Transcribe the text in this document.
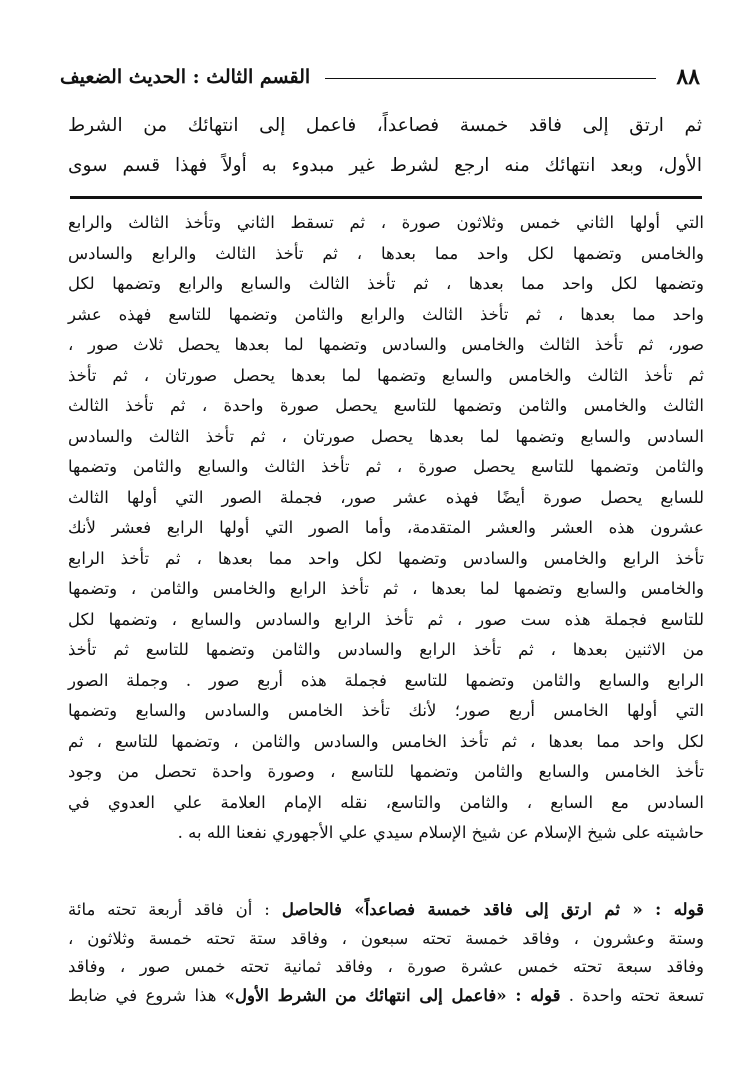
٨٨
القسم الثالث : الحديث الضعيف
ثم ارتق إلى فاقد خمسة فصاعداً، فاعمل إلى انتهائك من الشرط
الأول، وبعد انتهائك منه ارجع لشرط غير مبدوء به أولاً فهذا قسم سوى
التي أولها الثاني خمس وثلاثون صورة ، ثم تسقط الثاني وتأخذ الثالث والرابع
والخامس وتضمها لكل واحد مما بعدها ، ثم تأخذ الثالث والرابع والسادس
وتضمها لكل واحد مما بعدها ، ثم تأخذ الثالث والسابع والرابع وتضمها لكل
واحد مما بعدها ، ثم تأخذ الثالث والرابع والثامن وتضمها للتاسع فهذه عشر
صور، ثم تأخذ الثالث والخامس والسادس وتضمها لما بعدها يحصل ثلاث صور ،
ثم تأخذ الثالث والخامس والسابع وتضمها لما بعدها يحصل صورتان ، ثم تأخذ
الثالث والخامس والثامن وتضمها للتاسع يحصل صورة واحدة ، ثم تأخذ الثالث
السادس والسابع وتضمها لما بعدها يحصل صورتان ، ثم تأخذ الثالث والسادس
والثامن وتضمها للتاسع يحصل صورة ، ثم تأخذ الثالث والسابع والثامن وتضمها
للسابع يحصل صورة أيضًا فهذه عشر صور، فجملة الصور التي أولها الثالث
عشرون هذه العشر والعشر المتقدمة، وأما الصور التي أولها الرابع فعشر لأنك
تأخذ الرابع والخامس والسادس وتضمها لكل واحد مما بعدها ، ثم تأخذ الرابع
والخامس والسابع وتضمها لما بعدها ، ثم تأخذ الرابع والخامس والثامن ، وتضمها
للتاسع فجملة هذه ست صور ، ثم تأخذ الرابع والسادس والسابع ، وتضمها لكل
من الاثنين بعدها ، ثم تأخذ الرابع والسادس والثامن وتضمها للتاسع ثم تأخذ
الرابع والسابع والثامن وتضمها للتاسع فجملة هذه أربع صور . وجملة الصور
التي أولها الخامس أربع صور؛ لأنك تأخذ الخامس والسادس والسابع وتضمها
لكل واحد مما بعدها ، ثم تأخذ الخامس والسادس والثامن ، وتضمها للتاسع ، ثم
تأخذ الخامس والسابع والثامن وتضمها للتاسع ، وصورة واحدة تحصل من وجود
السادس مع السابع ، والثامن والتاسع، نقله الإمام العلامة علي العدوي في
حاشيته على شيخ الإسلام عن شيخ الإسلام سيدي علي الأجهوري نفعنا الله به .
قوله : « ثم ارتق إلى فاقد خمسة فصاعداً» فالحاصل : أن فاقد أربعة تحته مائة
وستة وعشرون ، وفاقد خمسة تحته سبعون ، وفاقد ستة تحته خمسة وثلاثون ،
وفاقد سبعة تحته خمس عشرة صورة ، وفاقد ثمانية تحته خمس صور ، وفاقد
تسعة تحته واحدة . قوله : «فاعمل إلى انتهائك من الشرط الأول» هذا شروع في ضابط
